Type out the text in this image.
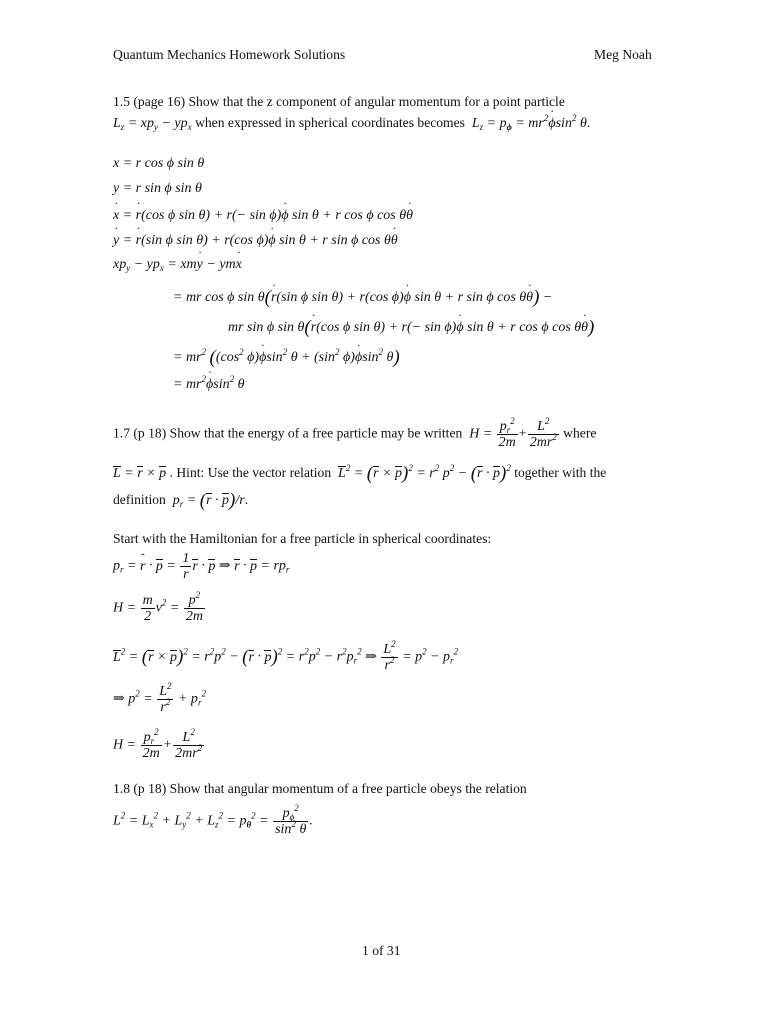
Quantum Mechanics Homework Solutions	Meg Noah
1.5 (page 16) Show that the z component of angular momentum for a point particle
$L_z = xp_y - yp_x$ when expressed in spherical coordinates becomes  $L_z = p_\phi = mr^2\phi$ $˙\sin^2$ θ.
x = r cos ϕ sin θ
y = r sin ϕ sin θ
x ˙ = r ˙(cos ϕ sin θ) + r(− sin ϕ)ϕ ˙ sin θ + r cos ϕ cos θθ ˙
y ˙ = r ˙(sin ϕ sin θ) + r(cos ϕ)ϕ ˙ sin θ + r sin ϕ cos θθ ˙
$xp_y - yp_x$ = xmy ˙ − ymx ˙
= mr cos ϕ sin θ(r ˙(sin ϕ sin θ) + r(cos ϕ)ϕ ˙ sin θ + r sin ϕ cos θθ ˙) −
mr sin ϕ sin θ(r ˙(cos ϕ sin θ) + r(− sin ϕ)ϕ ˙ sin θ + r cos ϕ cos θθ ˙)
= $mr^2$ (($\cos^2$ ϕ)ϕ $˙\sin^2$ $\theta + (\sin^2$ ϕ)ϕ $˙\sin^2$ θ)
= $mr^2\phi$ $˙\sin^2$ θ
1.7 (p 18) Show that the energy of a free particle may be written  $H = \frac{p_r^2}{2m} + \frac{L^2}{2mr^2}$ where
L = r × p . Hint: Use the vector relation $L^2 = (r \times p)^2 = r^2$ $p^2 - (r \cdot p)^2$ together with the
definition  $p_r = (r \cdot p)/r$.
Start with the Hamiltonian for a free particle in spherical coordinates:
$p_r = r$ ˆ · $p = \frac{1}{r}$ r · p ⇒ $r \cdot p = rp_r$
$H = \frac{m}{2} v^2 = \frac{p^2}{2m}$
$L^2 = (r \times p)^2 = r^2p^2 - (r \cdot p)^2 = r^2p^2 - r^2p_r^2$ ⇒ $\frac{L^2}{r^2} = p^2 - p_r^2$
⇒ $p^2 = \frac{L^2}{r^2} + p_r^2$
$H = \frac{p_r^2}{2m} + \frac{L^2}{2mr^2}$
1.8 (p 18) Show that angular momentum of a free particle obeys the relation
$L^2 = L_x^2 + L_y^2 + L_z^2 = p_\theta^2 = \frac{p_\phi^2}{\sin^2 \theta}$ .
1 of 31
